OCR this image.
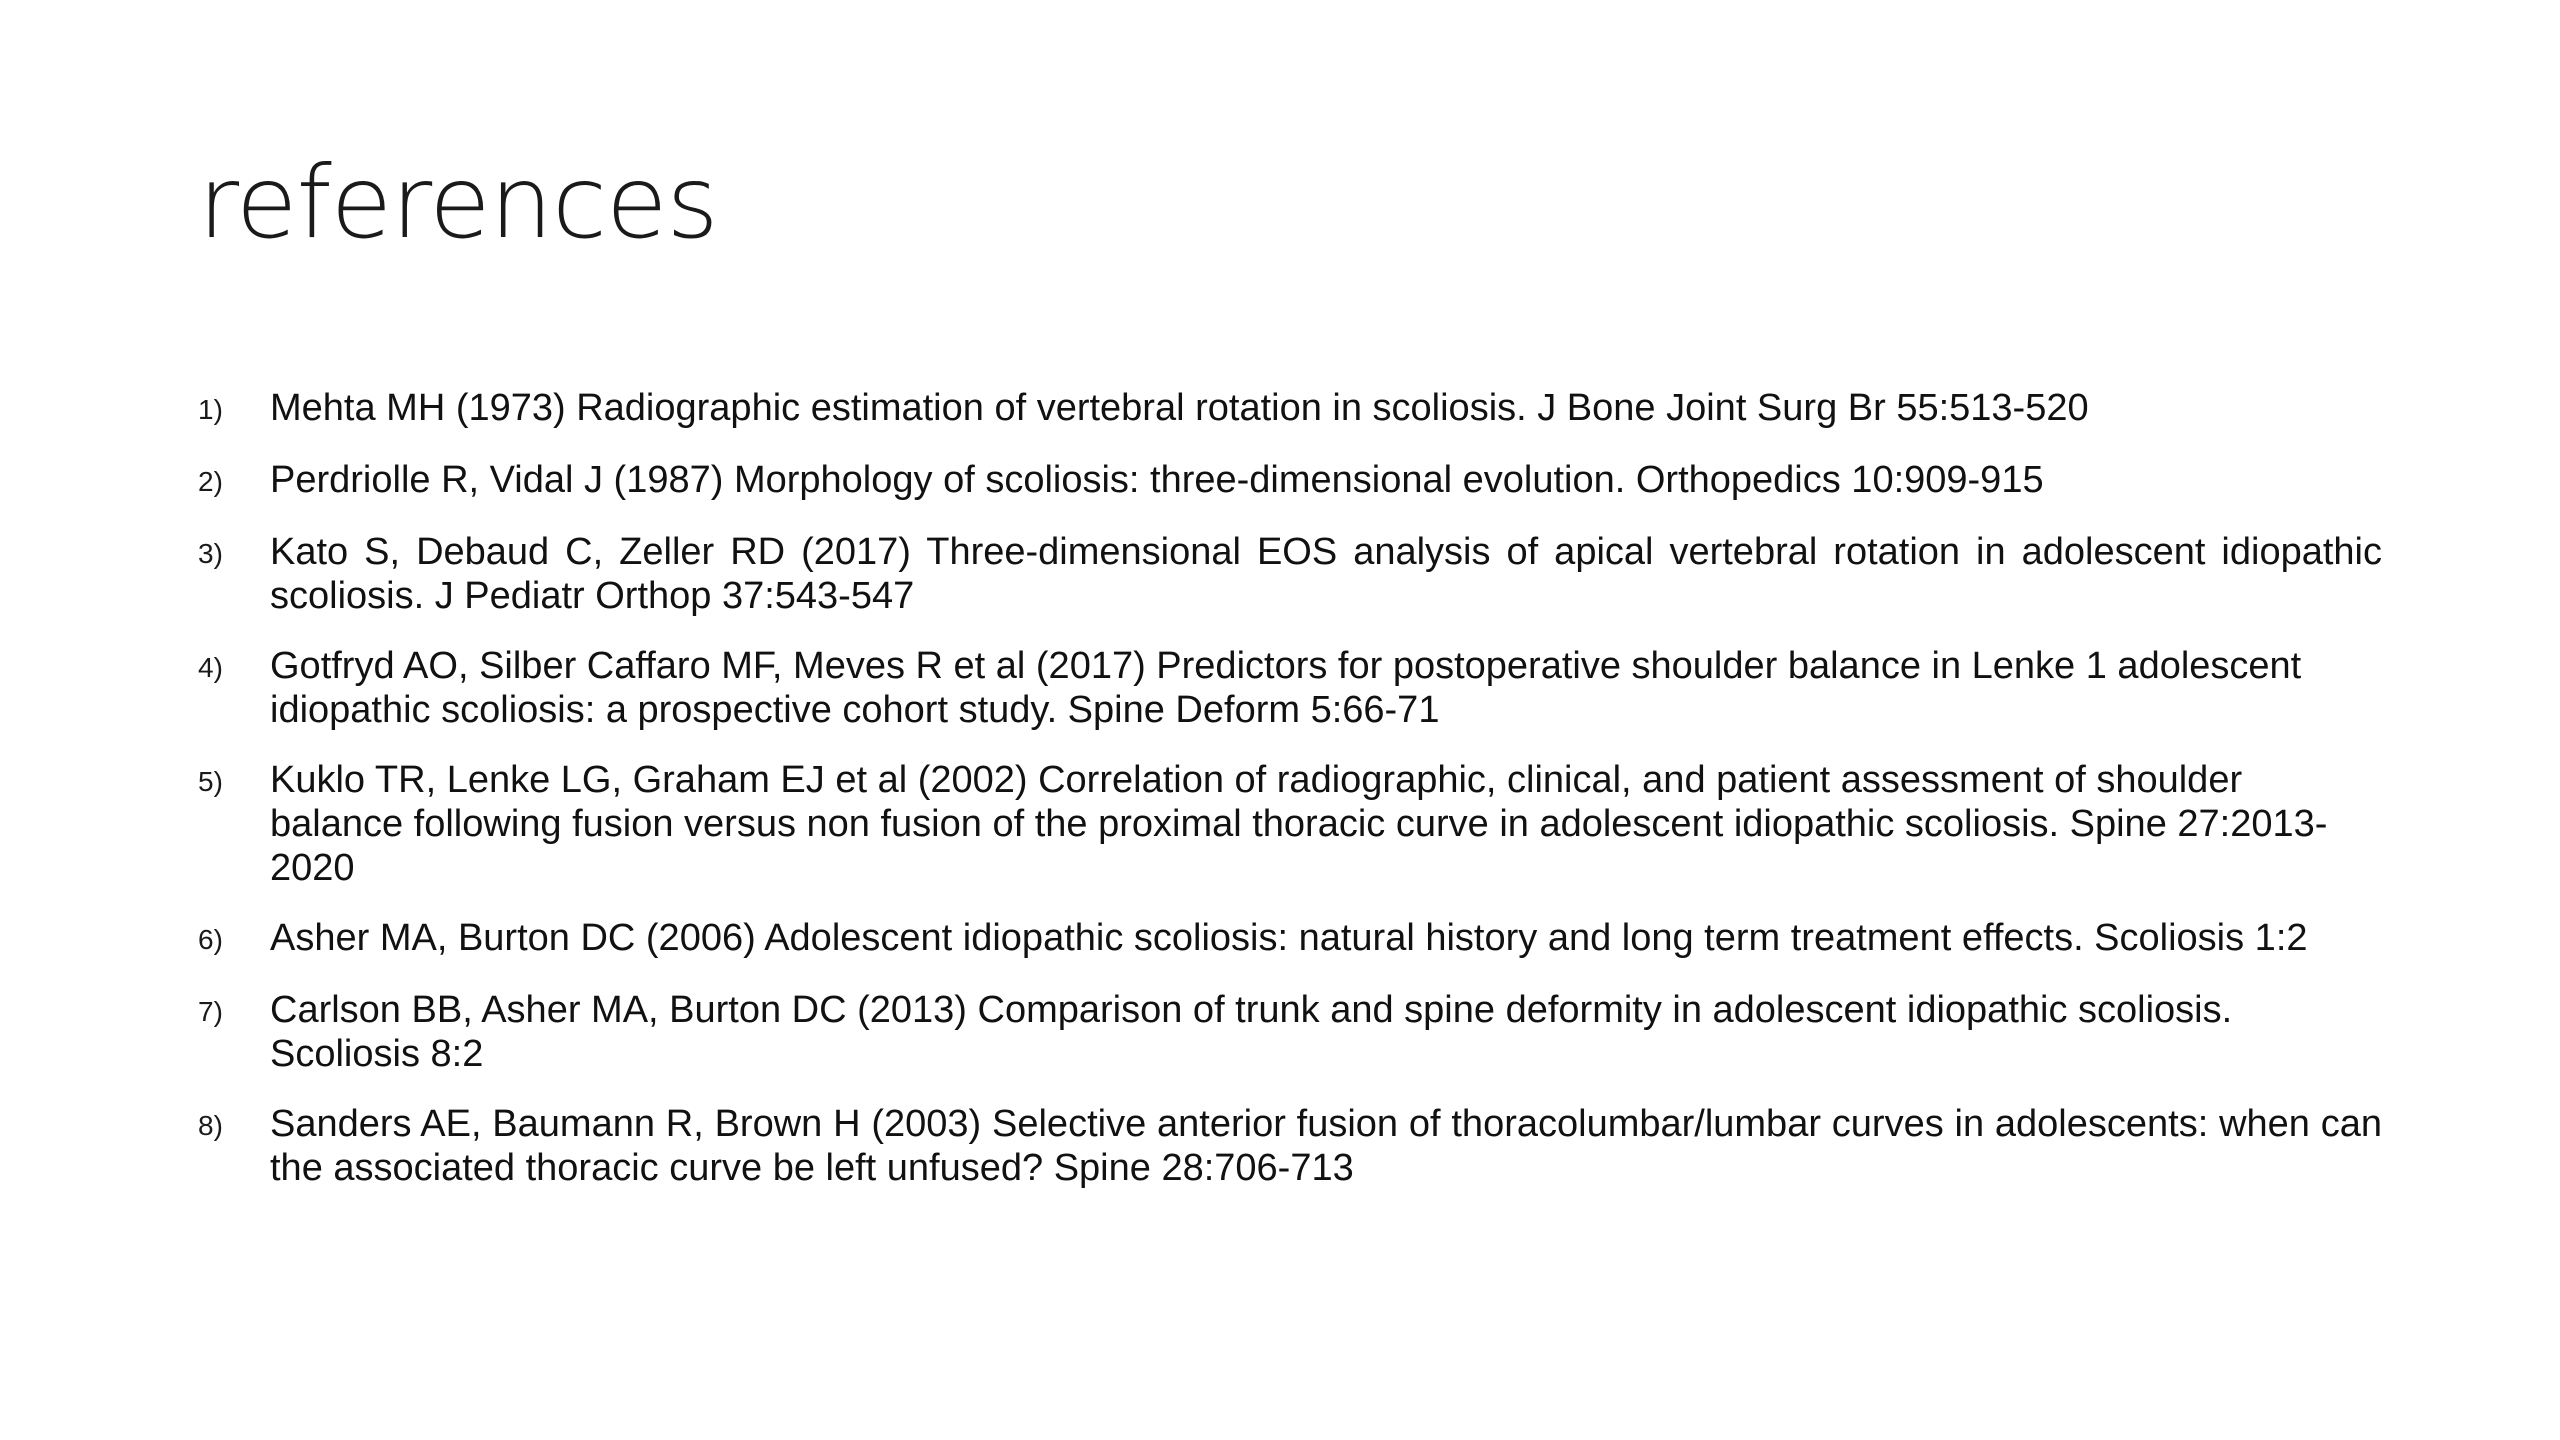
references
1)	Mehta MH (1973) Radiographic estimation of vertebral rotation in scoliosis. J Bone Joint Surg Br 55:513-520
2)	Perdriolle R, Vidal J (1987) Morphology of scoliosis: three-dimensional evolution. Orthopedics 10:909-915
3)	Kato S, Debaud C, Zeller RD (2017) Three-dimensional EOS analysis of apical vertebral rotation in adolescent idiopathic scoliosis. J Pediatr Orthop 37:543-547
4)	Gotfryd AO, Silber Caffaro MF, Meves R et al (2017) Predictors for postoperative shoulder balance in Lenke 1 adolescent idiopathic scoliosis: a prospective cohort study. Spine Deform 5:66-71
5)	Kuklo TR, Lenke LG, Graham EJ et al (2002) Correlation of radiographic, clinical, and patient assessment of shoulder balance following fusion versus non fusion of the proximal thoracic curve in adolescent idiopathic scoliosis. Spine 27:2013-2020
6)	Asher MA, Burton DC (2006) Adolescent idiopathic scoliosis: natural history and long term treatment effects. Scoliosis 1:2
7)	Carlson BB, Asher MA, Burton DC (2013) Comparison of trunk and spine deformity in adolescent idiopathic scoliosis. Scoliosis 8:2
8)	Sanders AE, Baumann R, Brown H (2003) Selective anterior fusion of thoracolumbar/lumbar curves in adolescents: when can the associated thoracic curve be left unfused? Spine 28:706-713
